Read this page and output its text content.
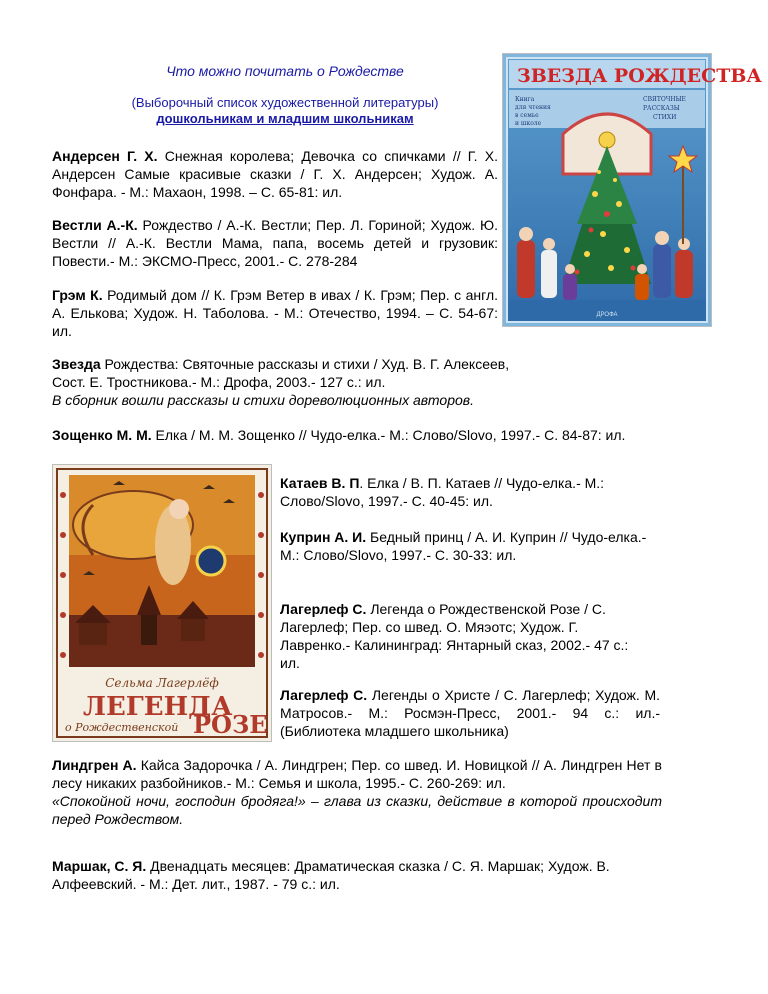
Что можно почитать о Рождестве
(Выборочный список художественной литературы)
дошкольникам и младшим школьникам
ЗВЕЗДА РОЖДЕСТВА
Книга
для чтения
в семье
и школе
СВЯТОЧНЫЕ
РАССКАЗЫ
СТИХИ
ДРОФА
Сельма Лагерлёф
ЛЕГЕНДА
о Рождественской РОЗЕ
Андерсен Г. Х. Снежная королева; Девочка со спичками // Г. Х. Андерсен Самые красивые сказки / Г. Х. Андерсен; Худож. А. Фонфара. - М.: Махаон, 1998. – С. 65-81: ил.
Вестли А.-К. Рождество / А.-К. Вестли; Пер. Л. Гориной; Худож. Ю. Вестли // А.-К. Вестли Мама, папа, восемь детей и грузовик: Повести.- М.: ЭКСМО-Пресс, 2001.- С. 278-284
Грэм К. Родимый дом // К. Грэм Ветер в ивах / К. Грэм; Пер. с англ. А. Елькова; Худож. Н. Таболова. - М.: Отечество, 1994. – С. 54-67: ил.
Звезда Рождества: Святочные рассказы и стихи / Худ. В. Г. Алексеев, Сост. Е. Тростникова.- М.: Дрофа, 2003.- 127 с.: ил.
В сборник вошли рассказы и стихи дореволюционных авторов.
Зощенко М. М. Елка / М. М. Зощенко // Чудо-елка.- М.: Слово/Slovo, 1997.- С. 84-87: ил.
Катаев В. П. Елка / В. П. Катаев // Чудо-елка.- М.: Слово/Slovo, 1997.- С. 40-45: ил.
Куприн А. И. Бедный принц / А. И. Куприн // Чудо-елка.- М.: Слово/Slovo, 1997.- С. 30-33: ил.
Лагерлеф С. Легенда о Рождественской Розе / С. Лагерлеф; Пер. со швед. О. Мяэотс; Худож. Г. Лавренко.- Калининград: Янтарный сказ, 2002.- 47 с.: ил.
Лагерлеф С. Легенды о Христе / С. Лагерлеф; Худож. М. Матросов.- М.: Росмэн-Пресс, 2001.- 94 с.: ил.- (Библиотека младшего школьника)
Линдгрен А. Кайса Задорочка / А. Линдгрен; Пер. со швед. И. Новицкой // А. Линдгрен Нет в лесу никаких разбойников.- М.: Семья и школа, 1995.- С. 260-269: ил.
«Спокойной ночи, господин бродяга!» – глава из сказки, действие в которой происходит перед Рождеством.
Маршак, С. Я. Двенадцать месяцев: Драматическая сказка / С. Я. Маршак; Худож. В. Алфеевский. - М.: Дет. лит., 1987. - 79 с.: ил.
